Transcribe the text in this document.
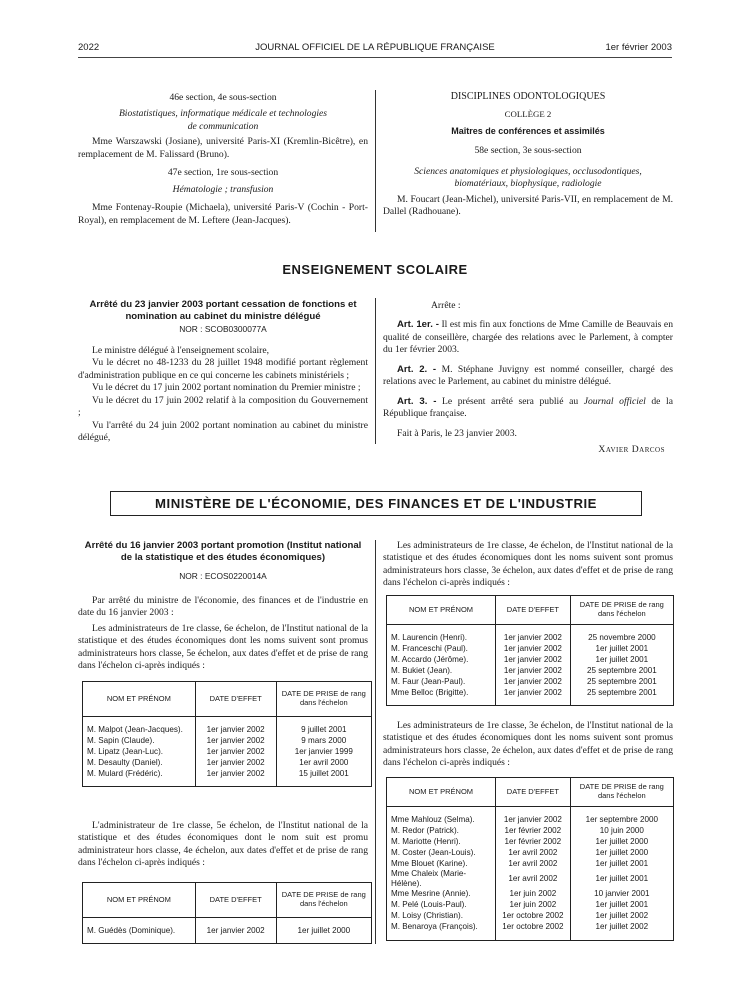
2022	JOURNAL OFFICIEL DE LA RÉPUBLIQUE FRANÇAISE	1er février 2003

46e section, 4e sous-section

Biostatistiques, informatique médicale et technologies de communication

Mme Warszawski (Josiane), université Paris-XI (Kremlin-Bicêtre), en remplacement de M. Falissard (Bruno).

47e section, 1re sous-section

Hématologie ; transfusion

Mme Fontenay-Roupie (Michaela), université Paris-V (Cochin - Port-Royal), en remplacement de M. Leftere (Jean-Jacques).

DISCIPLINES ODONTOLOGIQUES

COLLÈGE 2

Maîtres de conférences et assimilés

58e section, 3e sous-section

Sciences anatomiques et physiologiques, occlusodontiques, biomatériaux, biophysique, radiologie

M. Foucart (Jean-Michel), université Paris-VII, en remplacement de M. Dallel (Radhouane).

ENSEIGNEMENT SCOLAIRE

Arrêté du 23 janvier 2003 portant cessation de fonctions et nomination au cabinet du ministre délégué

NOR : SCOB0300077A

Le ministre délégué à l'enseignement scolaire,

Vu le décret no 48-1233 du 28 juillet 1948 modifié portant règlement d'administration publique en ce qui concerne les cabinets ministériels ;

Vu le décret du 17 juin 2002 portant nomination du Premier ministre ;

Vu le décret du 17 juin 2002 relatif à la composition du Gouvernement ;

Vu l'arrêté du 24 juin 2002 portant nomination au cabinet du ministre délégué,

Arrête :

Art. 1er. - Il est mis fin aux fonctions de Mme Camille de Beauvais en qualité de conseillère, chargée des relations avec le Parlement, à compter du 1er février 2003.

Art. 2. - M. Stéphane Juvigny est nommé conseiller, chargé des relations avec le Parlement, au cabinet du ministre délégué.

Art. 3. - Le présent arrêté sera publié au Journal officiel de la République française.

Fait à Paris, le 23 janvier 2003.

Xavier Darcos

MINISTÈRE DE L'ÉCONOMIE, DES FINANCES ET DE L'INDUSTRIE

Arrêté du 16 janvier 2003 portant promotion (Institut national de la statistique et des études économiques)

NOR : ECOS0220014A

Par arrêté du ministre de l'économie, des finances et de l'industrie en date du 16 janvier 2003 :

Les administrateurs de 1re classe, 6e échelon, de l'Institut national de la statistique et des études économiques dont les noms suivent sont promus administrateurs hors classe, 5e échelon, aux dates d'effet et de prise de rang dans l'échelon ci-après indiqués :

NOM ET PRÉNOM	DATE D'EFFET	DATE DE PRISE de rang dans l'échelon

M. Malpot (Jean-Jacques).	1er janvier 2002	9 juillet 2001
M. Sapin (Claude).	1er janvier 2002	9 mars 2000
M. Lipatz (Jean-Luc).	1er janvier 2002	1er janvier 1999
M. Desaulty (Daniel).	1er janvier 2002	1er avril 2000
M. Mulard (Frédéric).	1er janvier 2002	15 juillet 2001

L'administrateur de 1re classe, 5e échelon, de l'Institut national de la statistique et des études économiques dont le nom suit est promu administrateur hors classe, 4e échelon, aux dates d'effet et de prise de rang dans l'échelon ci-après indiqués :

NOM ET PRÉNOM	DATE D'EFFET	DATE DE PRISE de rang dans l'échelon

M. Guédès (Dominique).	1er janvier 2002	1er juillet 2000

Les administrateurs de 1re classe, 4e échelon, de l'Institut national de la statistique et des études économiques dont les noms suivent sont promus administrateurs hors classe, 3e échelon, aux dates d'effet et de prise de rang dans l'échelon ci-après indiqués :

NOM ET PRÉNOM	DATE D'EFFET	DATE DE PRISE de rang dans l'échelon

M. Laurencin (Henri).	1er janvier 2002	25 novembre 2000
M. Franceschi (Paul).	1er janvier 2002	1er juillet 2001
M. Accardo (Jérôme).	1er janvier 2002	1er juillet 2001
M. Bukiet (Jean).	1er janvier 2002	25 septembre 2001
M. Faur (Jean-Paul).	1er janvier 2002	25 septembre 2001
Mme Belloc (Brigitte).	1er janvier 2002	25 septembre 2001

Les administrateurs de 1re classe, 3e échelon, de l'Institut national de la statistique et des études économiques dont les noms suivent sont promus administrateurs hors classe, 2e échelon, aux dates d'effet et de prise de rang dans l'échelon ci-après indiqués :

NOM ET PRÉNOM	DATE D'EFFET	DATE DE PRISE de rang dans l'échelon

Mme Mahlouz (Selma).	1er janvier 2002	1er septembre 2000
M. Redor (Patrick).	1er février 2002	10 juin 2000
M. Mariotte (Henri).	1er février 2002	1er juillet 2000
M. Coster (Jean-Louis).	1er avril 2002	1er juillet 2000
Mme Blouet (Karine).	1er avril 2002	1er juillet 2001
Mme Chaleix (Marie-Hélène).	1er avril 2002	1er juillet 2001
Mme Mesrine (Annie).	1er juin 2002	10 janvier 2001
M. Pelé (Louis-Paul).	1er juin 2002	1er juillet 2001
M. Loisy (Christian).	1er octobre 2002	1er juillet 2002
M. Benaroya (François).	1er octobre 2002	1er juillet 2002
